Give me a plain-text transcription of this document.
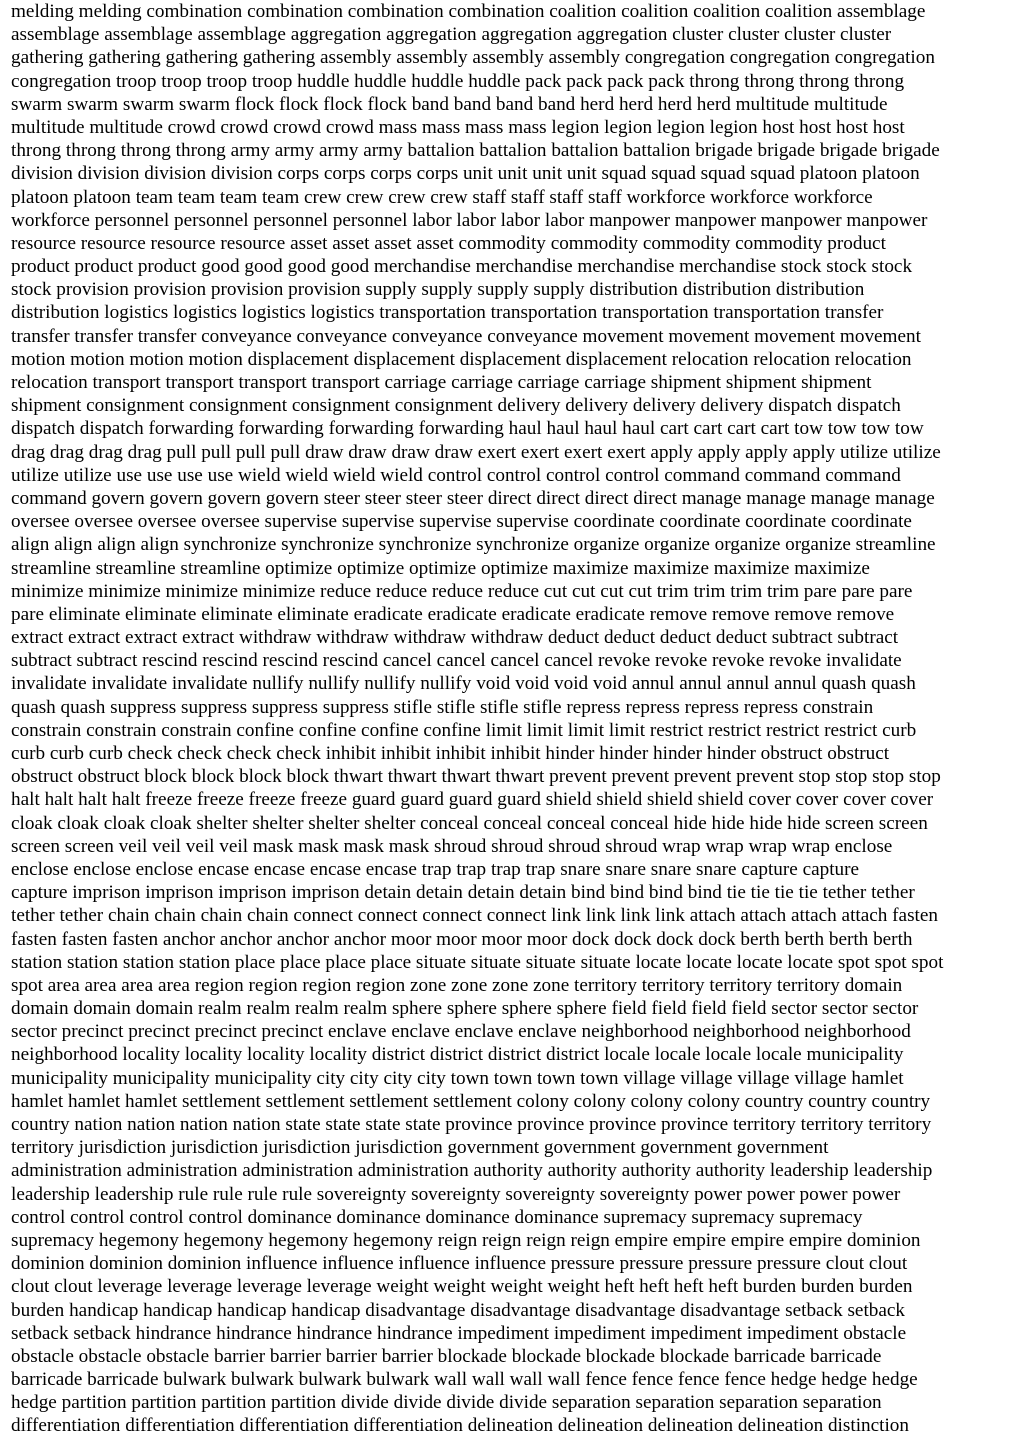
melding melding combination combination combination combination coalition coalition coalition coalition assemblage
assemblage assemblage assemblage aggregation aggregation aggregation aggregation cluster cluster cluster cluster
gathering gathering gathering gathering assembly assembly assembly assembly congregation congregation congregation
congregation troop troop troop troop huddle huddle huddle huddle pack pack pack pack throng throng throng throng
swarm swarm swarm swarm flock flock flock flock band band band band herd herd herd herd multitude multitude
multitude multitude crowd crowd crowd crowd mass mass mass mass legion legion legion legion host host host host
throng throng throng throng army army army army battalion battalion battalion battalion brigade brigade brigade brigade
division division division division corps corps corps corps unit unit unit unit squad squad squad squad platoon platoon
platoon platoon team team team team crew crew crew crew staff staff staff staff workforce workforce workforce
workforce personnel personnel personnel personnel labor labor labor labor manpower manpower manpower manpower
resource resource resource resource asset asset asset asset commodity commodity commodity commodity product
product product product good good good good merchandise merchandise merchandise merchandise stock stock stock
stock provision provision provision provision supply supply supply supply distribution distribution distribution
distribution logistics logistics logistics logistics transportation transportation transportation transportation transfer
transfer transfer transfer conveyance conveyance conveyance conveyance movement movement movement movement
motion motion motion motion displacement displacement displacement displacement relocation relocation relocation
relocation transport transport transport transport carriage carriage carriage carriage shipment shipment shipment
shipment consignment consignment consignment consignment delivery delivery delivery delivery dispatch dispatch
dispatch dispatch forwarding forwarding forwarding forwarding haul haul haul haul cart cart cart cart tow tow tow tow
drag drag drag drag pull pull pull pull draw draw draw draw exert exert exert exert apply apply apply apply utilize utilize
utilize utilize use use use use wield wield wield wield control control control control command command command
command govern govern govern govern steer steer steer steer direct direct direct direct manage manage manage manage
oversee oversee oversee oversee supervise supervise supervise supervise coordinate coordinate coordinate coordinate
align align align align synchronize synchronize synchronize synchronize organize organize organize organize streamline
streamline streamline streamline optimize optimize optimize optimize maximize maximize maximize maximize
minimize minimize minimize minimize reduce reduce reduce reduce cut cut cut cut trim trim trim trim pare pare pare
pare eliminate eliminate eliminate eliminate eradicate eradicate eradicate eradicate remove remove remove remove
extract extract extract extract withdraw withdraw withdraw withdraw deduct deduct deduct deduct subtract subtract
subtract subtract rescind rescind rescind rescind cancel cancel cancel cancel revoke revoke revoke revoke invalidate
invalidate invalidate invalidate nullify nullify nullify nullify void void void void annul annul annul annul quash quash
quash quash suppress suppress suppress suppress stifle stifle stifle stifle repress repress repress repress constrain
constrain constrain constrain confine confine confine confine limit limit limit limit restrict restrict restrict restrict curb
curb curb curb check check check check inhibit inhibit inhibit inhibit hinder hinder hinder hinder obstruct obstruct
obstruct obstruct block block block block thwart thwart thwart thwart prevent prevent prevent prevent stop stop stop stop
halt halt halt halt freeze freeze freeze freeze guard guard guard guard shield shield shield shield cover cover cover cover
cloak cloak cloak cloak shelter shelter shelter shelter conceal conceal conceal conceal hide hide hide hide screen screen
screen screen veil veil veil veil mask mask mask mask shroud shroud shroud shroud wrap wrap wrap wrap enclose
enclose enclose enclose encase encase encase encase trap trap trap trap snare snare snare snare capture capture
capture imprison imprison imprison imprison detain detain detain detain bind bind bind bind tie tie tie tie tether tether
tether tether chain chain chain chain connect connect connect connect link link link link attach attach attach attach fasten
fasten fasten fasten anchor anchor anchor anchor moor moor moor moor dock dock dock dock berth berth berth berth
station station station station place place place place situate situate situate situate locate locate locate locate spot spot spot
spot area area area area region region region region zone zone zone zone territory territory territory territory domain
domain domain domain realm realm realm realm sphere sphere sphere sphere field field field field sector sector sector
sector precinct precinct precinct precinct enclave enclave enclave enclave neighborhood neighborhood neighborhood
neighborhood locality locality locality locality district district district district locale locale locale locale municipality
municipality municipality municipality city city city city town town town town village village village village hamlet
hamlet hamlet hamlet settlement settlement settlement settlement colony colony colony colony country country country
country nation nation nation nation state state state state province province province province territory territory territory
territory jurisdiction jurisdiction jurisdiction jurisdiction government government government government
administration administration administration administration authority authority authority authority leadership leadership
leadership leadership rule rule rule rule sovereignty sovereignty sovereignty sovereignty power power power power
control control control control dominance dominance dominance dominance supremacy supremacy supremacy
supremacy hegemony hegemony hegemony hegemony reign reign reign reign empire empire empire empire dominion
dominion dominion dominion influence influence influence influence pressure pressure pressure pressure clout clout
clout clout leverage leverage leverage leverage weight weight weight weight heft heft heft heft burden burden burden
burden handicap handicap handicap handicap disadvantage disadvantage disadvantage disadvantage setback setback
setback setback hindrance hindrance hindrance hindrance impediment impediment impediment impediment obstacle
obstacle obstacle obstacle barrier barrier barrier barrier blockade blockade blockade blockade barricade barricade
barricade barricade bulwark bulwark bulwark bulwark wall wall wall wall fence fence fence fence hedge hedge hedge
hedge partition partition partition partition divide divide divide divide separation separation separation separation
differentiation differentiation differentiation differentiation delineation delineation delineation delineation distinction
